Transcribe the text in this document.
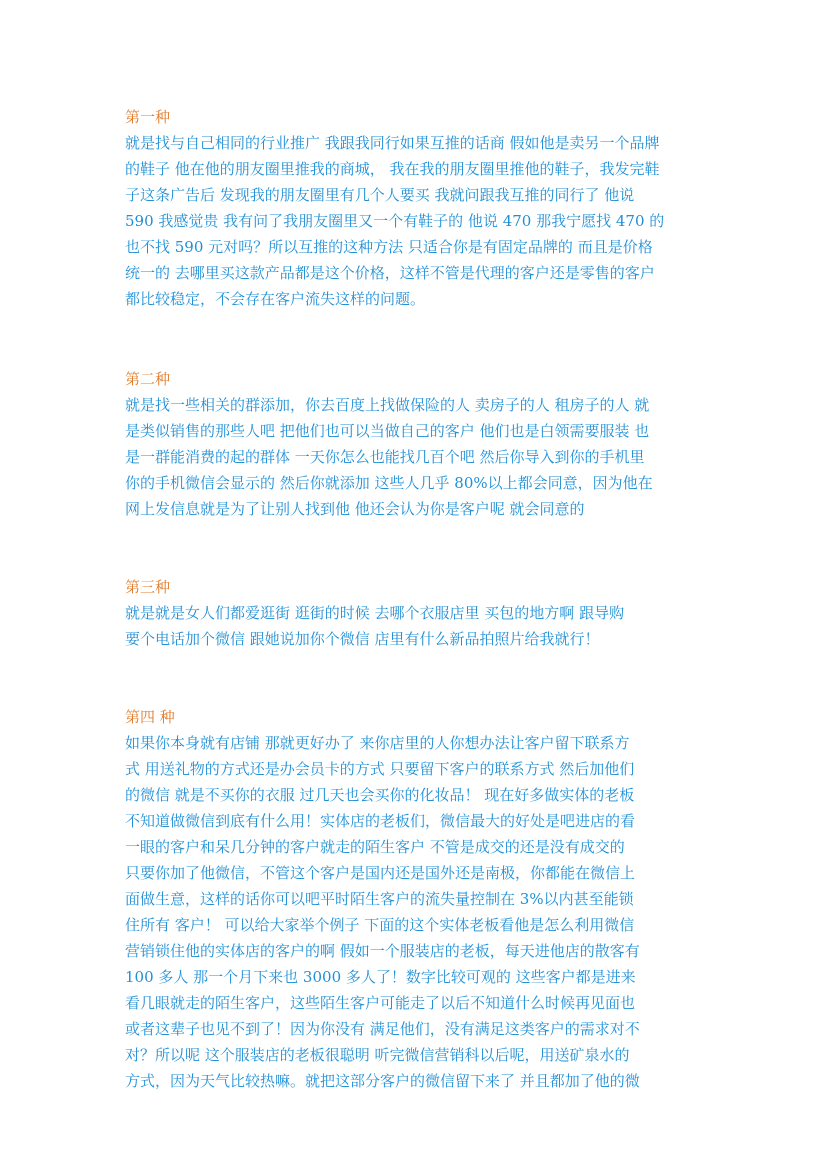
第一种
就是找与自己相同的行业推广 我跟我同行如果互推的话商 假如他是卖另一个品牌
的鞋子 他在他的朋友圈里推我的商城， 我在我的朋友圈里推他的鞋子，我发完鞋
子这条广告后 发现我的朋友圈里有几个人要买 我就问跟我互推的同行了 他说
590 我感觉贵 我有问了我朋友圈里又一个有鞋子的 他说 470 那我宁愿找 470 的
也不找 590 元对吗？所以互推的这种方法 只适合你是有固定品牌的 而且是价格
统一的 去哪里买这款产品都是这个价格，这样不管是代理的客户还是零售的客户
都比较稳定，不会存在客户流失这样的问题。
第二种
就是找一些相关的群添加，你去百度上找做保险的人 卖房子的人 租房子的人 就
是类似销售的那些人吧 把他们也可以当做自己的客户 他们也是白领需要服装 也
是一群能消费的起的群体 一天你怎么也能找几百个吧 然后你导入到你的手机里
你的手机微信会显示的 然后你就添加 这些人几乎 80%以上都会同意，因为他在
网上发信息就是为了让别人找到他 他还会认为你是客户呢 就会同意的
第三种
就是就是女人们都爱逛街 逛街的时候 去哪个衣服店里 买包的地方啊 跟导购
要个电话加个微信 跟她说加你个微信 店里有什么新品拍照片给我就行！
第四 种
如果你本身就有店铺 那就更好办了 来你店里的人你想办法让客户留下联系方
式 用送礼物的方式还是办会员卡的方式 只要留下客户的联系方式 然后加他们
的微信 就是不买你的衣服 过几天也会买你的化妆品！ 现在好多做实体的老板
不知道做微信到底有什么用！实体店的老板们，微信最大的好处是吧进店的看
一眼的客户和呆几分钟的客户就走的陌生客户 不管是成交的还是没有成交的
只要你加了他微信，不管这个客户是国内还是国外还是南极，你都能在微信上
面做生意，这样的话你可以吧平时陌生客户的流失量控制在 3%以内甚至能锁
住所有 客户！ 可以给大家举个例子 下面的这个实体老板看他是怎么利用微信
营销锁住他的实体店的客户的啊 假如一个服装店的老板，每天进他店的散客有
100 多人 那一个月下来也 3000 多人了！数字比较可观的 这些客户都是进来
看几眼就走的陌生客户，这些陌生客户可能走了以后不知道什么时候再见面也
或者这辈子也见不到了！因为你没有 满足他们，没有满足这类客户的需求对不
对？所以呢 这个服装店的老板很聪明 听完微信营销科以后呢，用送矿泉水的
方式，因为天气比较热嘛。就把这部分客户的微信留下来了 并且都加了他的微
